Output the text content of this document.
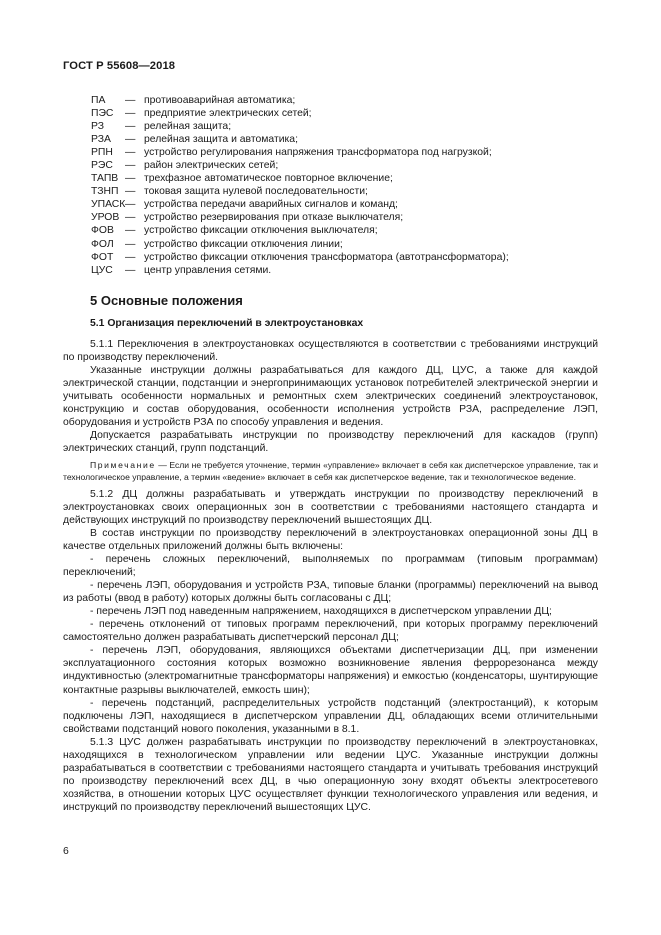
ГОСТ Р 55608—2018
ПА	— противоаварийная автоматика;
ПЭС	— предприятие электрических сетей;
РЗ	— релейная защита;
РЗА	— релейная защита и автоматика;
РПН	— устройство регулирования напряжения трансформатора под нагрузкой;
РЭС	— район электрических сетей;
ТАПВ — трехфазное автоматическое повторное включение;
ТЗНП — токовая защита нулевой последовательности;
УПАСК — устройства передачи аварийных сигналов и команд;
УРОВ — устройство резервирования при отказе выключателя;
ФОВ	— устройство фиксации отключения выключателя;
ФОЛ	— устройство фиксации отключения линии;
ФОТ	— устройство фиксации отключения трансформатора (автотрансформатора);
ЦУС	— центр управления сетями.
5 Основные положения
5.1 Организация переключений в электроустановках

5.1.1 Переключения в электроустановках осуществляются в соответствии с требованиями инструкций по производству переключений.

Указанные инструкции должны разрабатываться для каждого ДЦ, ЦУС, а также для каждой электрической станции, подстанции и энергопринимающих установок потребителей электрической энергии и учитывать особенности нормальных и ремонтных схем электрических соединений электроустановок, конструкцию и состав оборудования, особенности исполнения устройств РЗА, распределение ЛЭП, оборудования и устройств РЗА по способу управления и ведения.

Допускается разрабатывать инструкции по производству переключений для каскадов (групп) электрических станций, групп подстанций.

Примечание — Если не требуется уточнение, термин «управление» включает в себя как диспетчерское управление, так и технологическое управление, а термин «ведение» включает в себя как диспетчерское ведение, так и технологическое ведение.

5.1.2 ДЦ должны разрабатывать и утверждать инструкции по производству переключений в электроустановках своих операционных зон в соответствии с требованиями настоящего стандарта и действующих инструкций по производству переключений вышестоящих ДЦ.

В состав инструкции по производству переключений в электроустановках операционной зоны ДЦ в качестве отдельных приложений должны быть включены:

- перечень сложных переключений, выполняемых по программам (типовым программам) переключений;

- перечень ЛЭП, оборудования и устройств РЗА, типовые бланки (программы) переключений на вывод из работы (ввод в работу) которых должны быть согласованы с ДЦ;

- перечень ЛЭП под наведенным напряжением, находящихся в диспетчерском управлении ДЦ;

- перечень отклонений от типовых программ переключений, при которых программу переключений самостоятельно должен разрабатывать диспетчерский персонал ДЦ;

- перечень ЛЭП, оборудования, являющихся объектами диспетчеризации ДЦ, при изменении эксплуатационного состояния которых возможно возникновение явления феррорезонанса между индуктивностью (электромагнитные трансформаторы напряжения) и емкостью (конденсаторы, шунтирующие контактные разрывы выключателей, емкость шин);

- перечень подстанций, распределительных устройств подстанций (электростанций), к которым подключены ЛЭП, находящиеся в диспетчерском управлении ДЦ, обладающих всеми отличительными свойствами подстанций нового поколения, указанными в 8.1.

5.1.3 ЦУС должен разрабатывать инструкции по производству переключений в электроустановках, находящихся в технологическом управлении или ведении ЦУС. Указанные инструкции должны разрабатываться в соответствии с требованиями настоящего стандарта и учитывать требования инструкций по производству переключений всех ДЦ, в чью операционную зону входят объекты электросетевого хозяйства, в отношении которых ЦУС осуществляет функции технологического управления или ведения, и инструкций по производству переключений вышестоящих ЦУС.

6
